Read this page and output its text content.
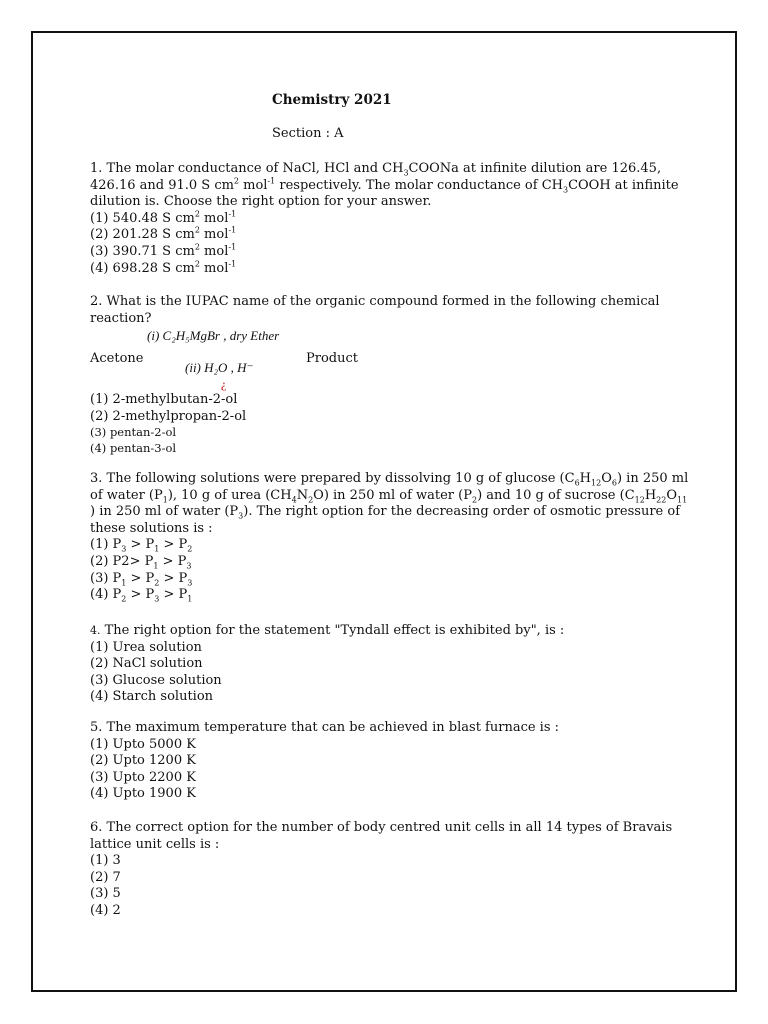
Chemistry 2021
Section : A

1. The molar conductance of NaCl, HCl and $CH_3COONa$ at infinite dilution are 126.45, 426.16 and 91.0 S $cm^2$ mol$^{-1}$ respectively. The molar conductance of $CH_3COOH$ at infinite dilution is. Choose the right option for your answer.

(1) 540.48 S $cm^2$ mol$^{-1}$
(2) 201.28 S $cm^2$ mol$^{-1}$
(3) 390.71 S $cm^2$ mol$^{-1}$
(4) 698.28 S $cm^2$ mol$^{-1}$

2. What is the IUPAC name of the organic compound formed in the following chemical reaction?

(i) C₂H₅MgBr , dry Ether
Acetone	Product
(ii) H₂O , H⁻
¿
(1) 2-methylbutan-2-ol
(2) 2-methylpropan-2-ol
(3) pentan-2-ol
(4) pentan-3-ol

3. The following solutions were prepared by dissolving 10 g of glucose $(C_6H_{12}O_6)$ in 250 ml of water $(P_1)$, 10 g of urea $(CH_4N_2O)$ in 250 ml of water $(P_2)$ and 10 g of sucrose ($C_{12}H_{22}O_{11}$ ) in 250 ml of water $(P_3)$. The right option for the decreasing order of osmotic pressure of these solutions is :

(1) $P_3 > P_1 > P_2$
(2) $P2> P_1 > P_3$
(3) $P_1 > P_2 > P_3$
(4) $P_2 > P_3 > P_1$

4. The right option for the statement "Tyndall effect is exhibited by", is :

(1) Urea solution
(2) NaCl solution
(3) Glucose solution
(4) Starch solution

5. The maximum temperature that can be achieved in blast furnace is :

(1) Upto 5000 K
(2) Upto 1200 K
(3) Upto 2200 K
(4) Upto 1900 K

6. The correct option for the number of body centred unit cells in all 14 types of Bravais lattice unit cells is :

(1) 3
(2) 7
(3) 5
(4) 2
